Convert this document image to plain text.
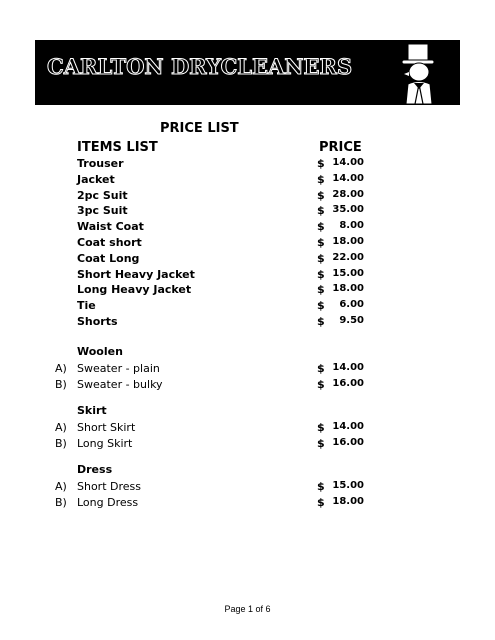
CARLTON DRYCLEANERS
PRICE LIST
ITEMS LIST	PRICE
Trouser	$ 14.00
Jacket	$ 14.00
2pc Suit	$ 28.00
3pc Suit	$ 35.00
Waist Coat	$ 8.00
Coat short	$ 18.00
Coat Long	$ 22.00
Short Heavy Jacket	$ 15.00
Long Heavy Jacket	$ 18.00
Tie	$ 6.00
Shorts	$ 9.50
Woolen
A) Sweater - plain	$ 14.00
B) Sweater - bulky	$ 16.00
Skirt
A) Short Skirt	$ 14.00
B) Long Skirt	$ 16.00
Dress
A) Short Dress	$ 15.00
B) Long Dress	$ 18.00
Page 1 of 6
